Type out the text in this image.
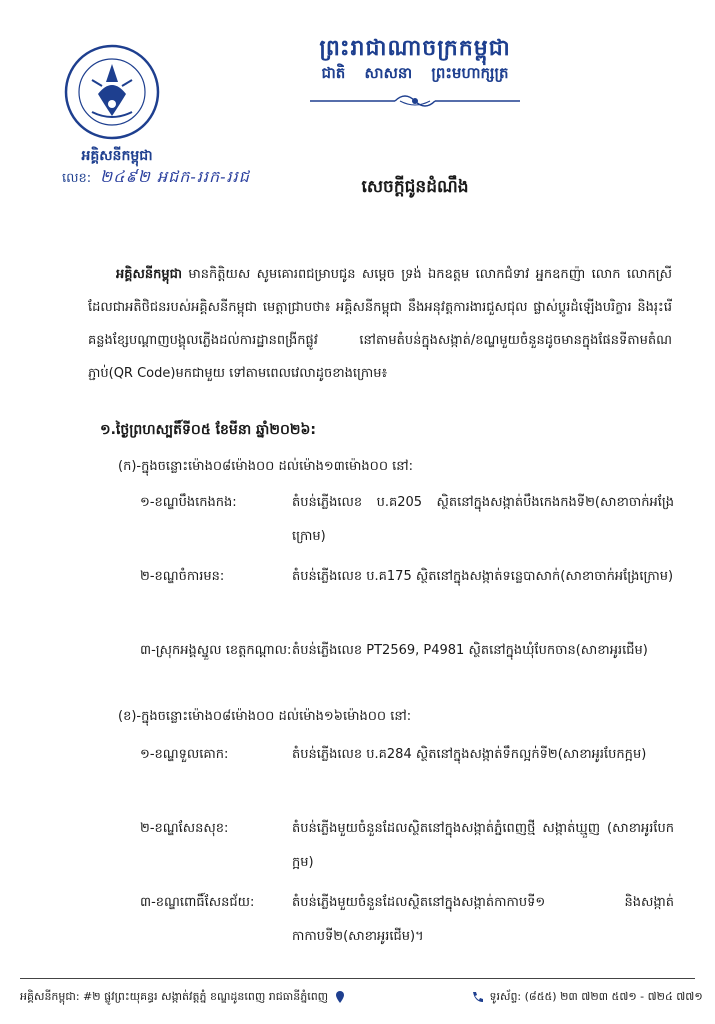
ព្រះរាជាណាចក្រកម្ពុជា
ជាតិ សាសនា ព្រះមហាក្សត្រ
អគ្គិសនីកម្ពុជា
លេខ: ២៤៩២ អជក-ររក-ររជ
សេចក្តីជូនដំណឹង
អគ្គិសនីកម្ពុជា មានកិត្តិយស សូមគោរពជម្រាបជូន សម្តេច ទ្រង់ ឯកឧត្តម លោកជំទាវ អ្នកឧកញ៉ា លោក លោកស្រី ដែលជាអតិថិជនរបស់អគ្គិសនីកម្ពុជា មេត្តាជ្រាបថា៖ អគ្គិសនីកម្ពុជា នឹងអនុវត្តការងារជួសជុល ផ្លាស់ប្តូរដំឡើងបរិក្ខារ និងរុះរើគន្លងខ្សែបណ្តាញបង្គុលភ្លើងដល់ការដ្ឋានពង្រីកផ្លូវ នៅតាមតំបន់ក្នុងសង្កាត់/ខណ្ឌមួយចំនួនដូចមានក្នុងផែនទីតាមតំណភ្ជាប់(QR Code)មកជាមួយ ទៅតាមពេលវេលាដូចខាងក្រោម៖
១.ថ្ងៃព្រហស្បតិ៍ទី០៥ ខែមីនា ឆ្នាំ២០២៦:
(ក)-ក្នុងចន្លោះម៉ោង០៨ម៉ោង០០ ដល់ម៉ោង១៣ម៉ោង០០ នៅ:
១-ខណ្ឌបឹងកេងកង:	តំបន់ភ្លើងលេខ ប.គ205 ស្ថិតនៅក្នុងសង្កាត់បឹងកេងកងទី២(សាខាចាក់អង្រែក្រោម)
២-ខណ្ឌចំការមន:	តំបន់ភ្លើងលេខ ប.គ175 ស្ថិតនៅក្នុងសង្កាត់ទន្លេបាសាក់(សាខាចាក់អង្រែក្រោម)
៣-ស្រុកអង្គស្នួល ខេត្តកណ្តាល: តំបន់ភ្លើងលេខ PT2569, P4981 ស្ថិតនៅក្នុងឃុំបែកចាន(សាខាអូរជើម)
(ខ)-ក្នុងចន្លោះម៉ោង០៨ម៉ោង០០ ដល់ម៉ោង១៦ម៉ោង០០ នៅ:
១-ខណ្ឌទួលគោក:	តំបន់ភ្លើងលេខ ប.គ284 ស្ថិតនៅក្នុងសង្កាត់ទឹកល្អក់ទី២(សាខាអូរបែកក្អម)
២-ខណ្ឌសែនសុខ:	តំបន់ភ្លើងមួយចំនួនដែលស្ថិតនៅក្នុងសង្កាត់ភ្នំពេញថ្មី សង្កាត់ឃ្មួញ (សាខាអូរបែកក្អម)
៣-ខណ្ឌពោធិ៍សែនជ័យ:	តំបន់ភ្លើងមួយចំនួនដែលស្ថិតនៅក្នុងសង្កាត់កាកាបទី១ និងសង្កាត់កាកាបទី២(សាខាអូរជើម)។
អគ្គិសនីកម្ពុជា: #២ ផ្លូវព្រះយុគន្ធរ សង្កាត់វត្តភ្នំ ខណ្ឌដូនពេញ រាជធានីភ្នំពេញ	ទូរស័ព្ទ: (៨៥៥) ២៣ ៧២៣ ៥៧១ - ៧២៤ ៧៧១
